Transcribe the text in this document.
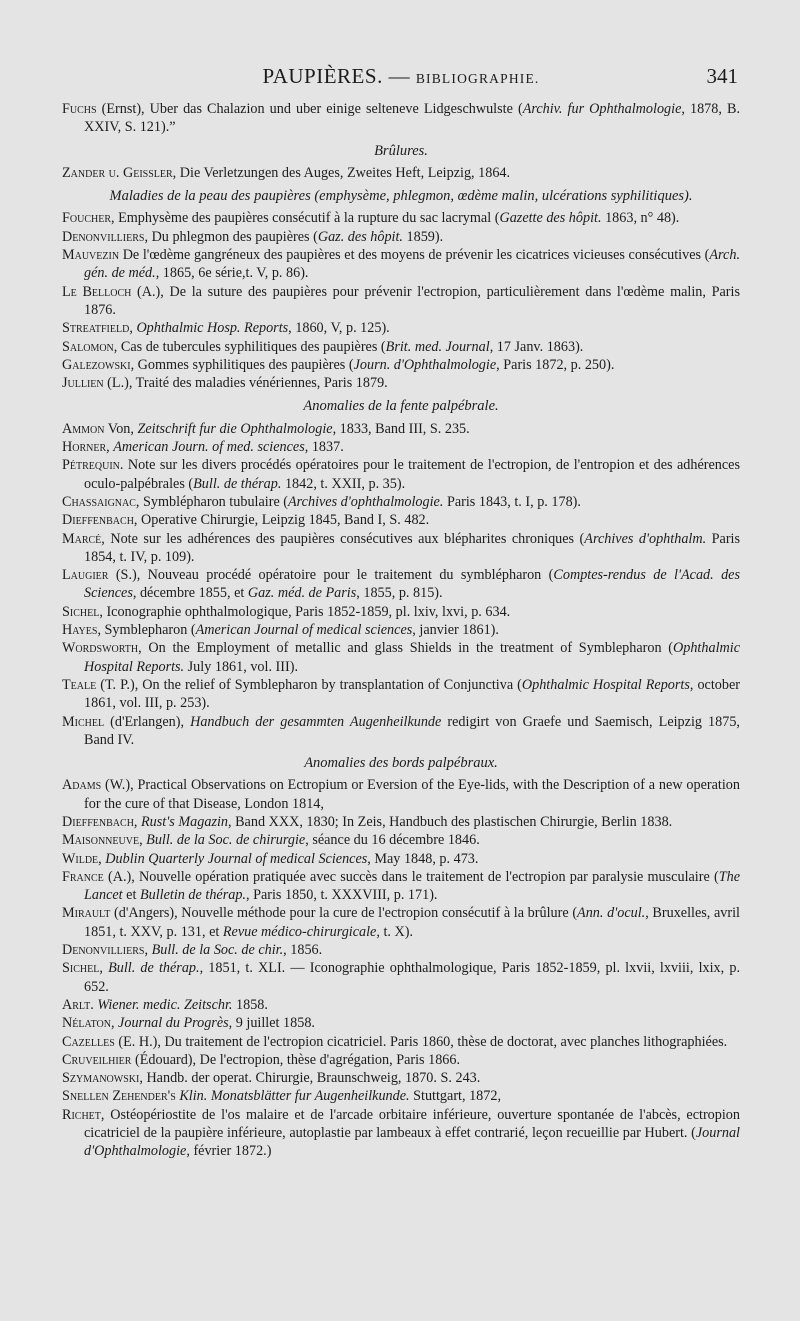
PAUPIÈRES. — BIBLIOGRAPHIE.	341

Fuchs (Ernst), Uber das Chalazion und uber einige selteneve Lidgeschwulste (Archiv. fur Ophthalmologie, 1878, B. XXIV, S. 121).”

Brûlures.

Zander u. Geissler, Die Verletzungen des Auges, Zweites Heft, Leipzig, 1864.

Maladies de la peau des paupières (emphysème, phlegmon, œdème malin, ulcérations syphilitiques).

Foucher, Emphysème des paupières consécutif à la rupture du sac lacrymal (Gazette des hôpit. 1863, n° 48).

Denonvilliers, Du phlegmon des paupières (Gaz. des hôpit. 1859).

Mauvezin De l'œdème gangréneux des paupières et des moyens de prévenir les cicatrices vicieuses consécutives (Arch. gén. de méd., 1865, 6e série,t. V, p. 86).

Le Belloch (A.), De la suture des paupières pour prévenir l'ectropion, particulièrement dans l'œdème malin, Paris 1876.

Streatfield, Ophthalmic Hosp. Reports, 1860, V, p. 125).

Salomon, Cas de tubercules syphilitiques des paupières (Brit. med. Journal, 17 Janv. 1863).

Galezowski, Gommes syphilitiques des paupières (Journ. d'Ophthalmologie, Paris 1872, p. 250).

Jullien (L.), Traité des maladies vénériennes, Paris 1879.

Anomalies de la fente palpébrale.

Ammon Von, Zeitschrift fur die Ophthalmologie, 1833, Band III, S. 235.

Horner, American Journ. of med. sciences, 1837.

Pétrequin. Note sur les divers procédés opératoires pour le traitement de l'ectropion, de l'entropion et des adhérences oculo-palpébrales (Bull. de thérap. 1842, t. XXII, p. 35).

Chassaignac, Symblépharon tubulaire (Archives d'ophthalmologie. Paris 1843, t. I, p. 178).

Dieffenbach, Operative Chirurgie, Leipzig 1845, Band I, S. 482.

Marcé, Note sur les adhérences des paupières consécutives aux blépharites chroniques (Archives d'ophthalm. Paris 1854, t. IV, p. 109).

Laugier (S.), Nouveau procédé opératoire pour le traitement du symblépharon (Comptes-rendus de l'Acad. des Sciences, décembre 1855, et Gaz. méd. de Paris, 1855, p. 815).

Sichel, Iconographie ophthalmologique, Paris 1852-1859, pl. lxiv, lxvi, p. 634.

Hayes, Symblepharon (American Journal of medical sciences, janvier 1861).

Wordsworth, On the Employment of metallic and glass Shields in the treatment of Symblepharon (Ophthalmic Hospital Reports. July 1861, vol. III).

Teale (T. P.), On the relief of Symblepharon by transplantation of Conjunctiva (Ophthalmic Hospital Reports, october 1861, vol. III, p. 253).

Michel (d'Erlangen), Handbuch der gesammten Augenheilkunde redigirt von Graefe und Saemisch, Leipzig 1875, Band IV.

Anomalies des bords palpébraux.

Adams (W.), Practical Observations on Ectropium or Eversion of the Eye-lids, with the Description of a new operation for the cure of that Disease, London 1814,

Dieffenbach, Rust's Magazin, Band XXX, 1830; In Zeis, Handbuch des plastischen Chirurgie, Berlin 1838.

Maisonneuve, Bull. de la Soc. de chirurgie, séance du 16 décembre 1846.

Wilde, Dublin Quarterly Journal of medical Sciences, May 1848, p. 473.

France (A.), Nouvelle opération pratiquée avec succès dans le traitement de l'ectropion par paralysie musculaire (The Lancet et Bulletin de thérap., Paris 1850, t. XXXVIII, p. 171).

Mirault (d'Angers), Nouvelle méthode pour la cure de l'ectropion consécutif à la brûlure (Ann. d'ocul., Bruxelles, avril 1851, t. XXV, p. 131, et Revue médico-chirurgicale, t. X).

Denonvilliers, Bull. de la Soc. de chir., 1856.

Sichel, Bull. de thérap., 1851, t. XLI. — Iconographie ophthalmologique, Paris 1852-1859, pl. lxvii, lxviii, lxix, p. 652.

Arlt. Wiener. medic. Zeitschr. 1858.

Nélaton, Journal du Progrès, 9 juillet 1858.

Cazelles (E. H.), Du traitement de l'ectropion cicatriciel. Paris 1860, thèse de doctorat, avec planches lithographiées.

Cruveilhier (Édouard), De l'ectropion, thèse d'agrégation, Paris 1866.

Szymanowski, Handb. der operat. Chirurgie, Braunschweig, 1870. S. 243.

Snellen Zehender's Klin. Monatsblätter fur Augenheilkunde. Stuttgart, 1872,

Richet, Ostéopériostite de l'os malaire et de l'arcade orbitaire inférieure, ouverture spontanée de l'abcès, ectropion cicatriciel de la paupière inférieure, autoplastie par lambeaux à effet contrarié, leçon recueillie par Hubert. (Journal d'Ophthalmologie, février 1872.)
